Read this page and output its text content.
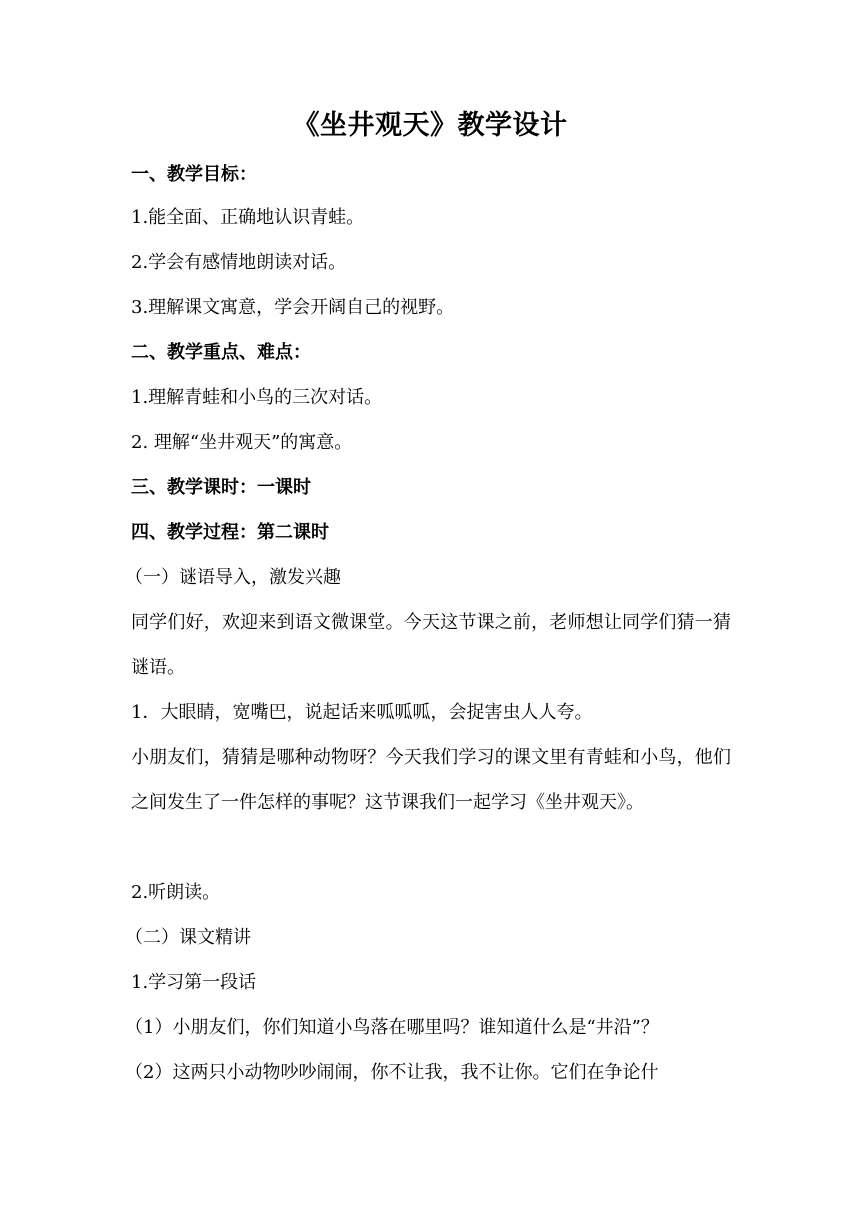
《坐井观天》教学设计
一、教学目标：
1.能全面、正确地认识青蛙。
2.学会有感情地朗读对话。
3.理解课文寓意，学会开阔自己的视野。
二、教学重点、难点：
1.理解青蛙和小鸟的三次对话。
2. 理解“坐井观天”的寓意。
三、教学课时：一课时
四、教学过程：第二课时
（一）谜语导入，激发兴趣
同学们好，欢迎来到语文微课堂。今天这节课之前，老师想让同学们猜一猜谜语。
1．大眼睛，宽嘴巴，说起话来呱呱呱，会捉害虫人人夸。
小朋友们，猜猜是哪种动物呀？今天我们学习的课文里有青蛙和小鸟，他们之间发生了一件怎样的事呢？这节课我们一起学习《坐井观天》。
2.听朗读。
（二）课文精讲
1.学习第一段话
（1）小朋友们，你们知道小鸟落在哪里吗？谁知道什么是“井沿”？
（2）这两只小动物吵吵闹闹，你不让我，我不让你。它们在争论什
